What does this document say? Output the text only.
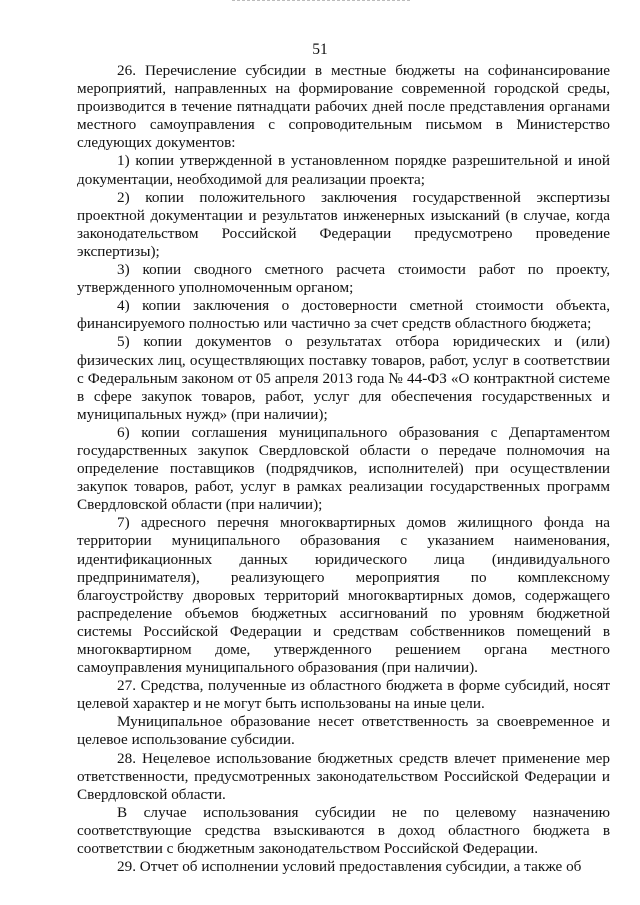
51

26. Перечисление субсидии в местные бюджеты на софинансирование мероприятий, направленных на формирование современной городской среды, производится в течение пятнадцати рабочих дней после представления органами местного самоуправления с сопроводительным письмом в Министерство следующих документов:

1) копии утвержденной в установленном порядке разрешительной и иной документации, необходимой для реализации проекта;

2) копии положительного заключения государственной экспертизы проектной документации и результатов инженерных изысканий (в случае, когда законодательством Российской Федерации предусмотрено проведение экспертизы);

3) копии сводного сметного расчета стоимости работ по проекту, утвержденного уполномоченным органом;

4) копии заключения о достоверности сметной стоимости объекта, финансируемого полностью или частично за счет средств областного бюджета;

5) копии документов о результатах отбора юридических и (или) физических лиц, осуществляющих поставку товаров, работ, услуг в соответствии с Федеральным законом от 05 апреля 2013 года № 44-ФЗ «О контрактной системе в сфере закупок товаров, работ, услуг для обеспечения государственных и муниципальных нужд» (при наличии);

6) копии соглашения муниципального образования с Департаментом государственных закупок Свердловской области о передаче полномочия на определение поставщиков (подрядчиков, исполнителей) при осуществлении закупок товаров, работ, услуг в рамках реализации государственных программ Свердловской области (при наличии);

7) адресного перечня многоквартирных домов жилищного фонда на территории муниципального образования с указанием наименования, идентификационных данных юридического лица (индивидуального предпринимателя), реализующего мероприятия по комплексному благоустройству дворовых территорий многоквартирных домов, содержащего распределение объемов бюджетных ассигнований по уровням бюджетной системы Российской Федерации и средствам собственников помещений в многоквартирном доме, утвержденного решением органа местного самоуправления муниципального образования (при наличии).

27. Средства, полученные из областного бюджета в форме субсидий, носят целевой характер и не могут быть использованы на иные цели.

Муниципальное образование несет ответственность за своевременное и целевое использование субсидии.

28. Нецелевое использование бюджетных средств влечет применение мер ответственности, предусмотренных законодательством Российской Федерации и Свердловской области.

В случае использования субсидии не по целевому назначению соответствующие средства взыскиваются в доход областного бюджета в соответствии с бюджетным законодательством Российской Федерации.

29. Отчет об исполнении условий предоставления субсидии, а также об
